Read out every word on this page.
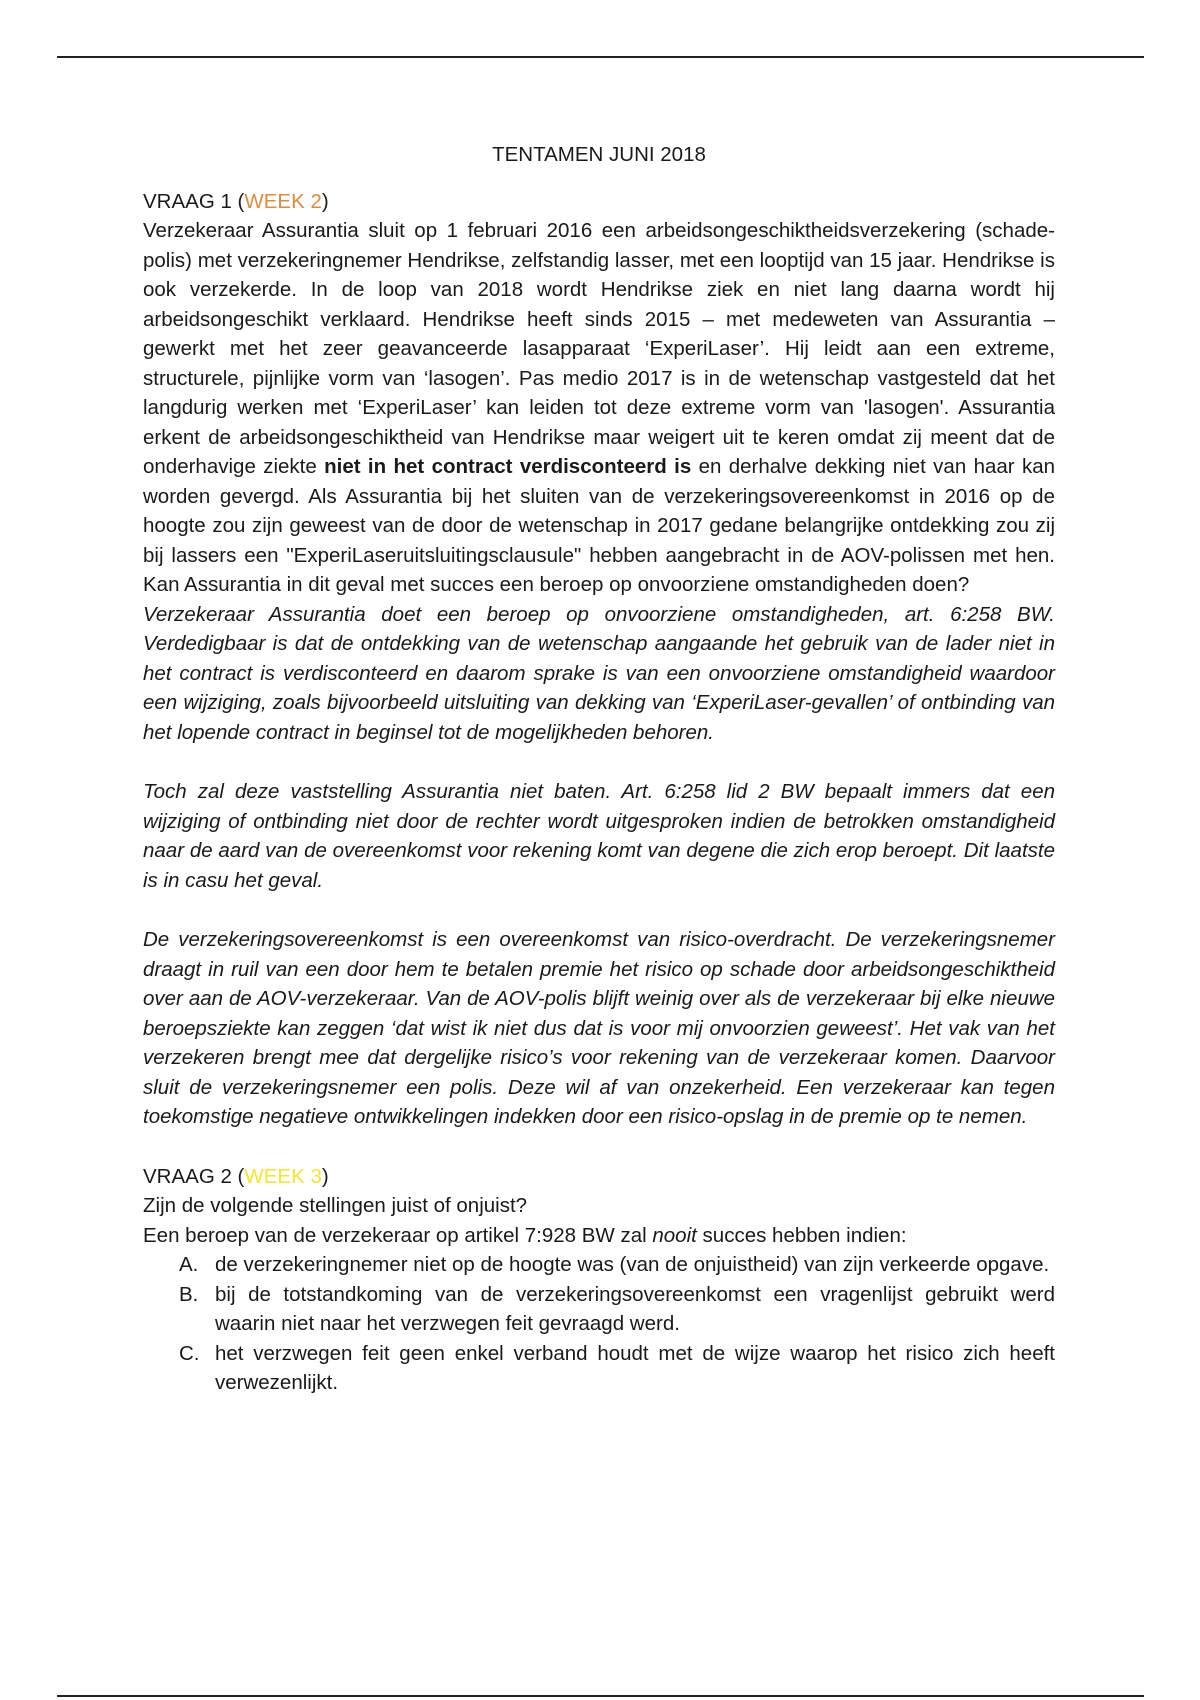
TENTAMEN JUNI 2018

VRAAG 1 (WEEK 2)

Verzekeraar Assurantia sluit op 1 februari 2016 een arbeidsongeschiktheidsverzekering (schade-polis) met verzekeringnemer Hendrikse, zelfstandig lasser, met een looptijd van 15 jaar. Hendrikse is ook verzekerde. In de loop van 2018 wordt Hendrikse ziek en niet lang daarna wordt hij arbeidsongeschikt verklaard. Hendrikse heeft sinds 2015 – met medeweten van Assurantia – gewerkt met het zeer geavanceerde lasapparaat ‘ExperiLaser’. Hij leidt aan een extreme, structurele, pijnlijke vorm van ‘lasogen’. Pas medio 2017 is in de wetenschap vastgesteld dat het langdurig werken met ‘ExperiLaser’ kan leiden tot deze extreme vorm van 'lasogen'. Assurantia erkent de arbeidsongeschiktheid van Hendrikse maar weigert uit te keren omdat zij meent dat de onderhavige ziekte niet in het contract verdisconteerd is en derhalve dekking niet van haar kan worden gevergd. Als Assurantia bij het sluiten van de verzekeringsovereenkomst in 2016 op de hoogte zou zijn geweest van de door de wetenschap in 2017 gedane belangrijke ontdekking zou zij bij lassers een "ExperiLaseruitsluitingsclausule" hebben aangebracht in de AOV-polissen met hen. Kan Assurantia in dit geval met succes een beroep op onvoorziene omstandigheden doen?

Verzekeraar Assurantia doet een beroep op onvoorziene omstandigheden, art. 6:258 BW. Verdedigbaar is dat de ontdekking van de wetenschap aangaande het gebruik van de lader niet in het contract is verdisconteerd en daarom sprake is van een onvoorziene omstandigheid waardoor een wijziging, zoals bijvoorbeeld uitsluiting van dekking van ‘ExperiLaser-gevallen’ of ontbinding van het lopende contract in beginsel tot de mogelijkheden behoren.

Toch zal deze vaststelling Assurantia niet baten. Art. 6:258 lid 2 BW bepaalt immers dat een wijziging of ontbinding niet door de rechter wordt uitgesproken indien de betrokken omstandigheid naar de aard van de overeenkomst voor rekening komt van degene die zich erop beroept. Dit laatste is in casu het geval.

De verzekeringsovereenkomst is een overeenkomst van risico-overdracht. De verzekeringsnemer draagt in ruil van een door hem te betalen premie het risico op schade door arbeidsongeschiktheid over aan de AOV-verzekeraar. Van de AOV-polis blijft weinig over als de verzekeraar bij elke nieuwe beroepsziekte kan zeggen ‘dat wist ik niet dus dat is voor mij onvoorzien geweest’. Het vak van het verzekeren brengt mee dat dergelijke risico’s voor rekening van de verzekeraar komen. Daarvoor sluit de verzekeringsnemer een polis. Deze wil af van onzekerheid. Een verzekeraar kan tegen toekomstige negatieve ontwikkelingen indekken door een risico-opslag in de premie op te nemen.

VRAAG 2 (WEEK 3)

Zijn de volgende stellingen juist of onjuist?

Een beroep van de verzekeraar op artikel 7:928 BW zal nooit succes hebben indien:

A. de verzekeringnemer niet op de hoogte was (van de onjuistheid) van zijn verkeerde opgave.
B. bij de totstandkoming van de verzekeringsovereenkomst een vragenlijst gebruikt werd waarin niet naar het verzwegen feit gevraagd werd.
C. het verzwegen feit geen enkel verband houdt met de wijze waarop het risico zich heeft verwezenlijkt.
